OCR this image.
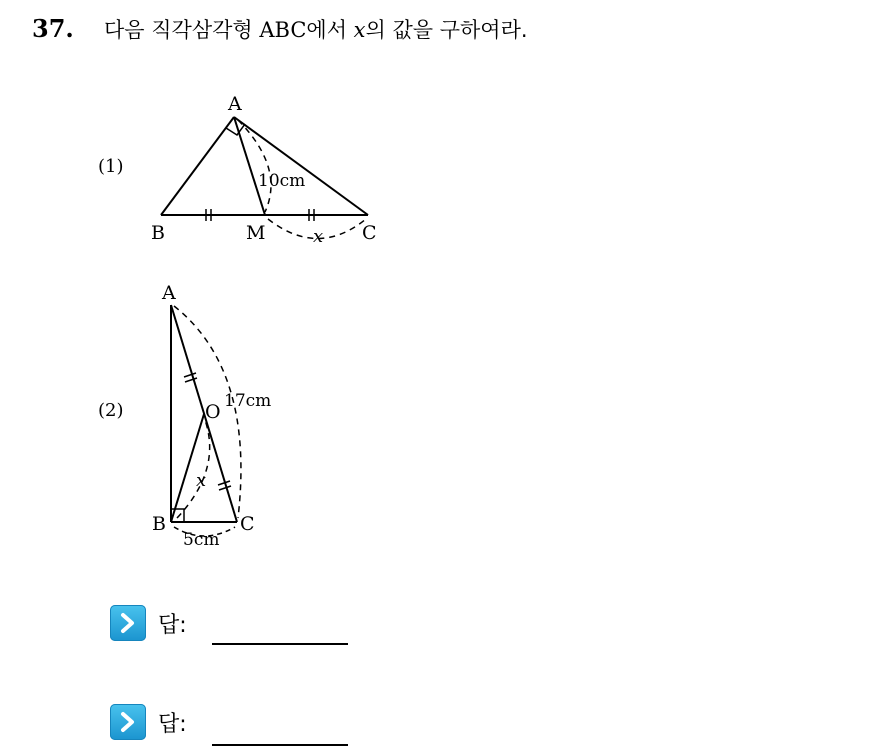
37. 다음 직각삼각형 ABC에서 x의 값을 구하여라.
(1)
A
B	M	C
10cm
x
(2)
A
O
B	C
17cm
5cm
x
답:
답:
